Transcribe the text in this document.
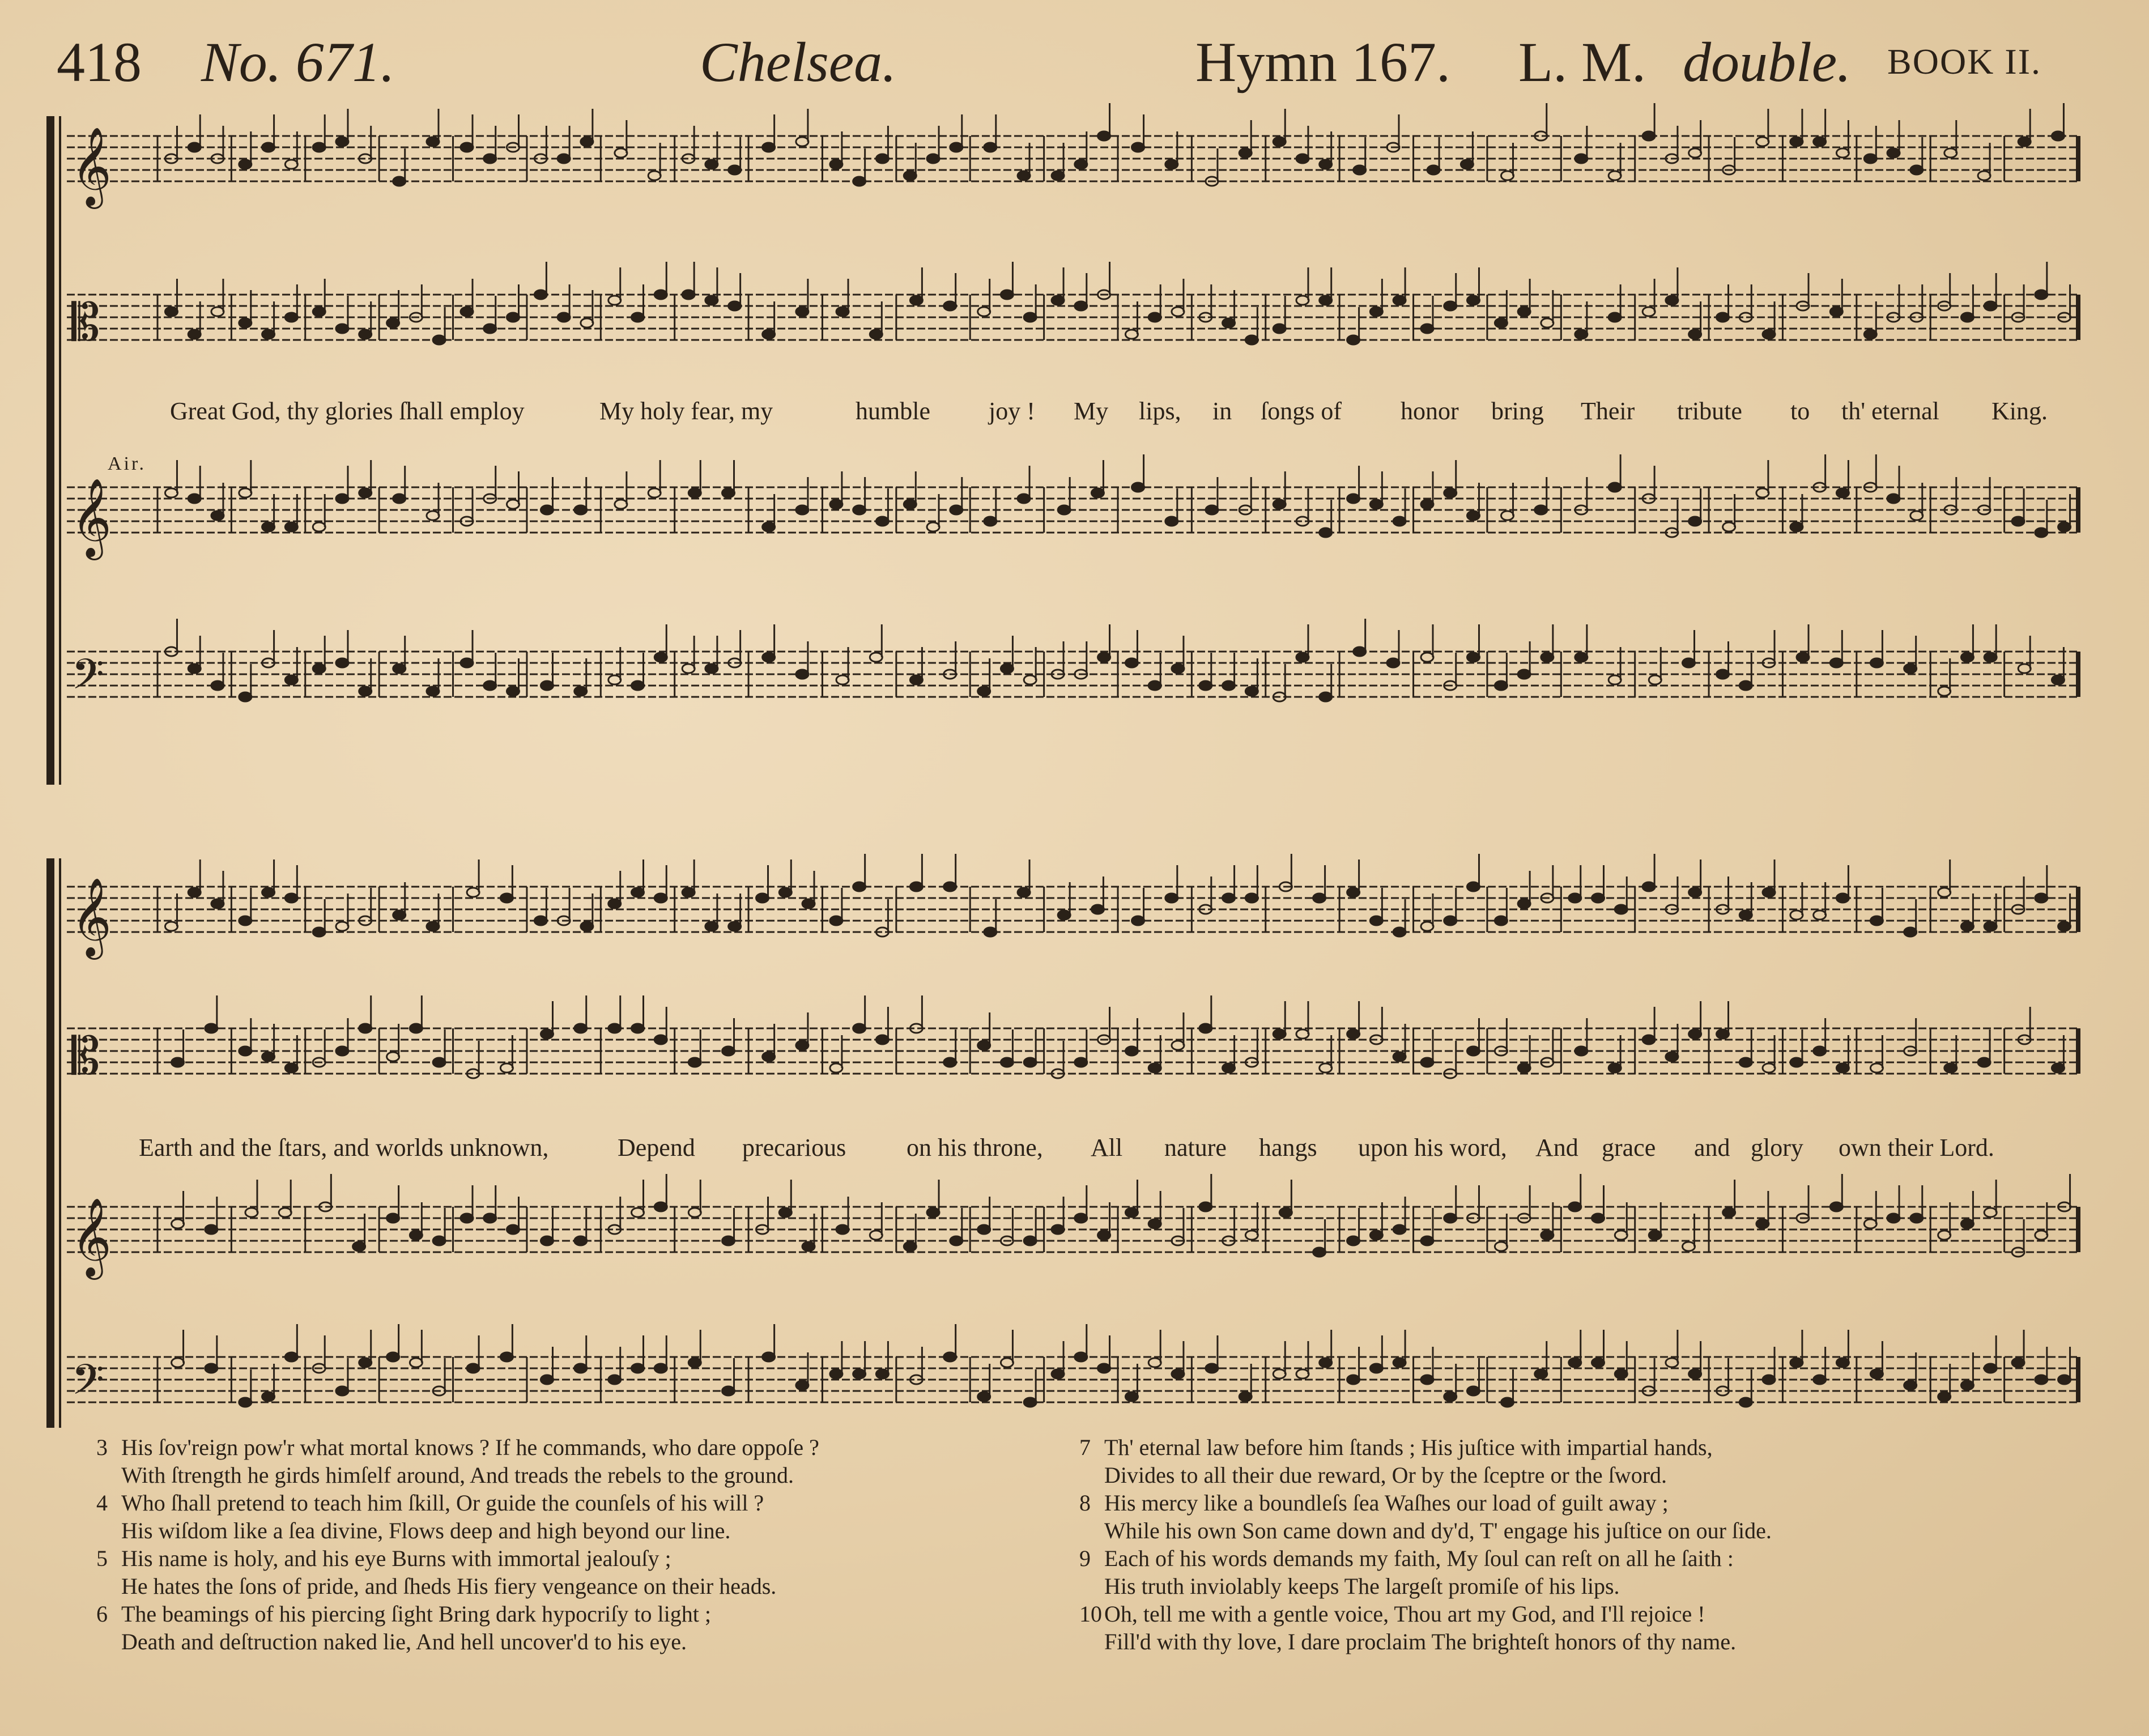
418 No. 671.	Chelsea.	Hymn 167. L. M. double. BOOK II.
𝄞
𝄡
𝄞
𝄢
𝄞
𝄡
𝄞
𝄢
Air.
Great God, thy glories ſhall employ	My holy fear, my	humble joy ! My lips, in ſongs of honor bring Their tribute to th' eternal King.
Earth and the ſtars, and worlds unknown,	Depend precarious on his throne, All nature hangs upon his word, And grace and glory own their Lord.
3 His ſov'reign pow'r what mortal knows ? If he commands, who dare oppoſe ?
With ſtrength he girds himſelf around, And treads the rebels to the ground.
4 Who ſhall pretend to teach him ſkill, Or guide the counſels of his will ?
His wiſdom like a ſea divine, Flows deep and high beyond our line.
5 His name is holy, and his eye Burns with immortal jealouſy ;
He hates the ſons of pride, and ſheds His fiery vengeance on their heads.
6 The beamings of his piercing ſight Bring dark hypocriſy to light ;
Death and deſtruction naked lie, And hell uncover'd to his eye.
7 Th' eternal law before him ſtands ; His juſtice with impartial hands,
Divides to all their due reward, Or by the ſceptre or the ſword.
8 His mercy like a boundleſs ſea Waſhes our load of guilt away ;
While his own Son came down and dy'd, T' engage his juſtice on our ſide.
9 Each of his words demands my faith, My ſoul can reſt on all he ſaith :
His truth inviolably keeps The largeſt promiſe of his lips.
10 Oh, tell me with a gentle voice, Thou art my God, and I'll rejoice !
Fill'd with thy love, I dare proclaim The brighteſt honors of thy name.
